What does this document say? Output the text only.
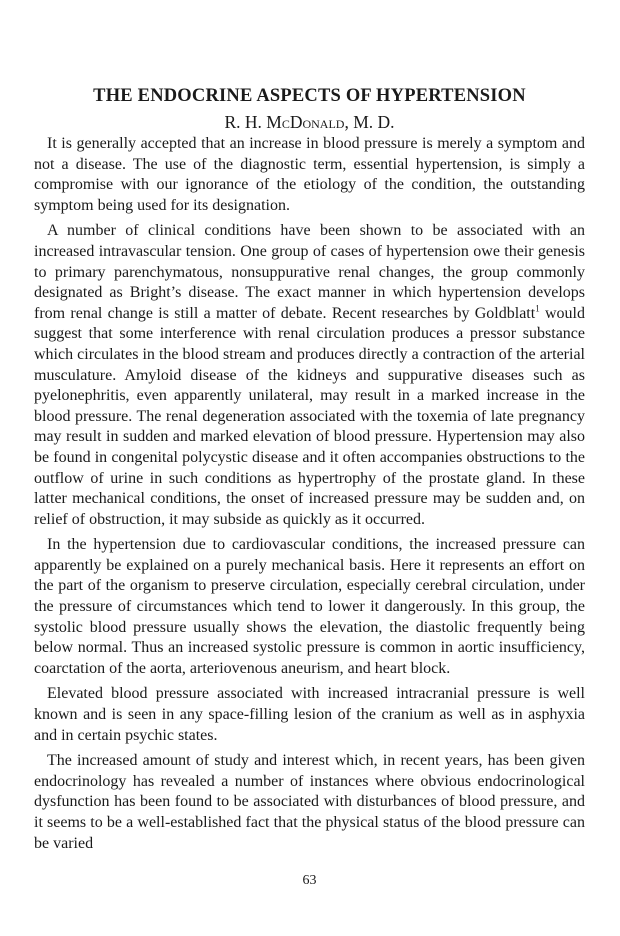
THE ENDOCRINE ASPECTS OF HYPERTENSION
R. H. McDonald, M. D.

It is generally accepted that an increase in blood pressure is merely a symptom and not a disease. The use of the diagnostic term, essential hypertension, is simply a compromise with our ignorance of the etiology of the condition, the outstanding symptom being used for its designation.

A number of clinical conditions have been shown to be associated with an increased intravascular tension. One group of cases of hypertension owe their genesis to primary parenchymatous, nonsuppurative renal changes, the group commonly designated as Bright’s disease. The exact manner in which hypertension develops from renal change is still a matter of debate. Recent researches by Goldblatt$^1$ would suggest that some interference with renal circulation produces a pressor substance which circulates in the blood stream and produces directly a contraction of the arterial musculature. Amyloid disease of the kidneys and suppurative diseases such as pyelonephritis, even apparently unilateral, may result in a marked increase in the blood pressure. The renal degeneration associated with the toxemia of late pregnancy may result in sudden and marked elevation of blood pressure. Hypertension may also be found in congenital polycystic disease and it often accompanies obstructions to the outflow of urine in such conditions as hypertrophy of the prostate gland. In these latter mechanical conditions, the onset of increased pressure may be sudden and, on relief of obstruction, it may subside as quickly as it occurred.

In the hypertension due to cardiovascular conditions, the increased pressure can apparently be explained on a purely mechanical basis. Here it represents an effort on the part of the organism to preserve circulation, especially cerebral circulation, under the pressure of circumstances which tend to lower it dangerously. In this group, the systolic blood pressure usually shows the elevation, the diastolic frequently being below normal. Thus an increased systolic pressure is common in aortic insufficiency, coarctation of the aorta, arteriovenous aneurism, and heart block.

Elevated blood pressure associated with increased intracranial pressure is well known and is seen in any space-filling lesion of the cranium as well as in asphyxia and in certain psychic states.

The increased amount of study and interest which, in recent years, has been given endocrinology has revealed a number of instances where obvious endocrinological dysfunction has been found to be associated with disturbances of blood pressure, and it seems to be a well-established fact that the physical status of the blood pressure can be varied

63
